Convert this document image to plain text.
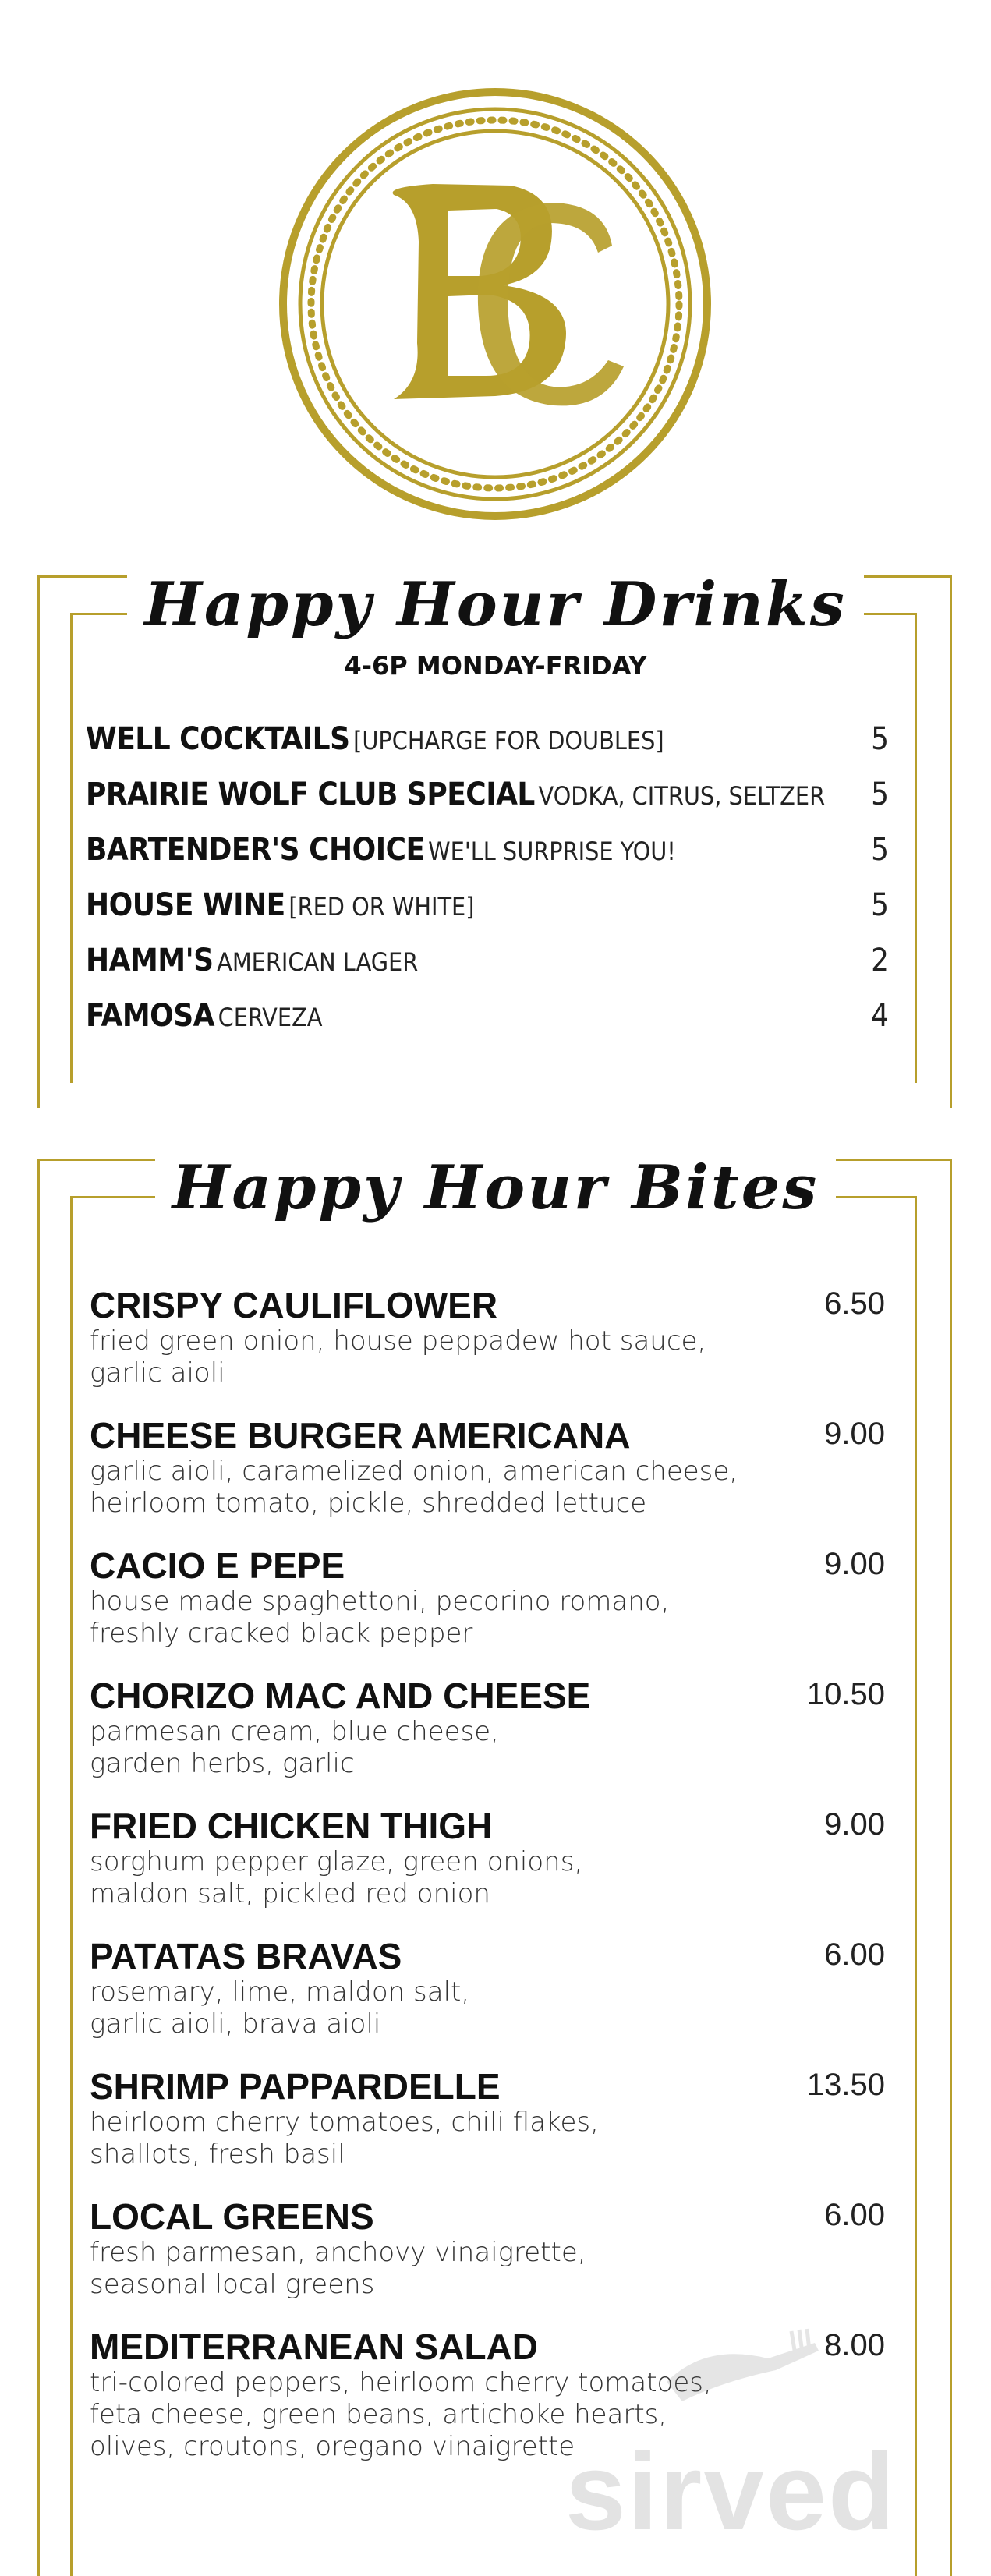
Happy Hour Drinks
4-6P MONDAY-FRIDAY
WELL COCKTAILS [UPCHARGE FOR DOUBLES]	5
PRAIRIE WOLF CLUB SPECIAL VODKA, CITRUS, SELTZER 5
BARTENDER'S CHOICE WE'LL SURPRISE YOU!	5
HOUSE WINE [RED OR WHITE]	5
HAMM'S AMERICAN LAGER	2
FAMOSA CERVEZA	4
Happy Hour Bites
CRISPY CAULIFLOWER	6.50
fried green onion, house peppadew hot sauce,
garlic aioli
CHEESE BURGER AMERICANA	9.00
garlic aioli, caramelized onion, american cheese,
heirloom tomato, pickle, shredded lettuce
CACIO E PEPE	9.00
house made spaghettoni, pecorino romano,
freshly cracked black pepper
CHORIZO MAC AND CHEESE	10.50
parmesan cream, blue cheese,
garden herbs, garlic
FRIED CHICKEN THIGH	9.00
sorghum pepper glaze, green onions,
maldon salt, pickled red onion
PATATAS BRAVAS	6.00
rosemary, lime, maldon salt,
garlic aioli, brava aioli
SHRIMP PAPPARDELLE	13.50
heirloom cherry tomatoes, chili flakes,
shallots, fresh basil
LOCAL GREENS	6.00
fresh parmesan, anchovy vinaigrette,
seasonal local greens
MEDITERRANEAN SALAD	8.00
tri-colored peppers, heirloom cherry tomatoes,
feta cheese, green beans, artichoke hearts,
olives, croutons, oregano vinaigrette
sirved
